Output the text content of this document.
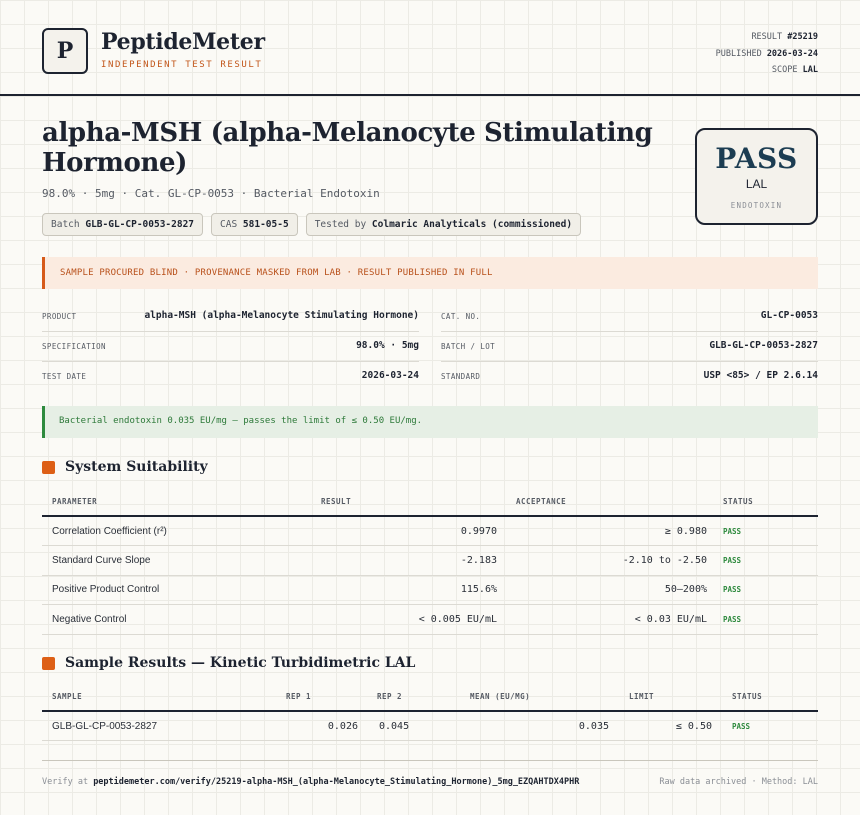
P PeptideMeter
INDEPENDENT TEST RESULT
RESULT #25219
PUBLISHED 2026-03-24
SCOPE LAL
alpha-MSH (alpha-Melanocyte Stimulating Hormone)
98.0% · 5mg · Cat. GL-CP-0053 · Bacterial Endotoxin
Batch GLB-GL-CP-0053-2827	CAS 581-05-5	Tested by Colmaric Analyticals (commissioned)
PASS
LAL
ENDOTOXIN
SAMPLE PROCURED BLIND · PROVENANCE MASKED FROM LAB · RESULT PUBLISHED IN FULL
PRODUCT	alpha-MSH (alpha-Melanocyte Stimulating Hormone)
SPECIFICATION	98.0% · 5mg
TEST DATE	2026-03-24
CAT. NO.	GL-CP-0053
BATCH / LOT	GLB-GL-CP-0053-2827
STANDARD	USP <85> / EP 2.6.14
Bacterial endotoxin 0.035 EU/mg — passes the limit of ≤ 0.50 EU/mg.
System Suitability
PARAMETER	RESULT	ACCEPTANCE	STATUS
Correlation Coefficient (r²)	0.9970	≥ 0.980	PASS
Standard Curve Slope	-2.183	-2.10 to -2.50	PASS
Positive Product Control	115.6%	50–200%	PASS
Negative Control	< 0.005 EU/mL	< 0.03 EU/mL	PASS
Sample Results — Kinetic Turbidimetric LAL
SAMPLE	REP 1	REP 2	MEAN (EU/MG)	LIMIT	STATUS
GLB-GL-CP-0053-2827	0.026	0.045	0.035	≤ 0.50	PASS
Verify at peptidemeter.com/verify/25219-alpha-MSH_(alpha-Melanocyte_Stimulating_Hormone)_5mg_EZQAHTDX4PHR	Raw data archived · Method: LAL
